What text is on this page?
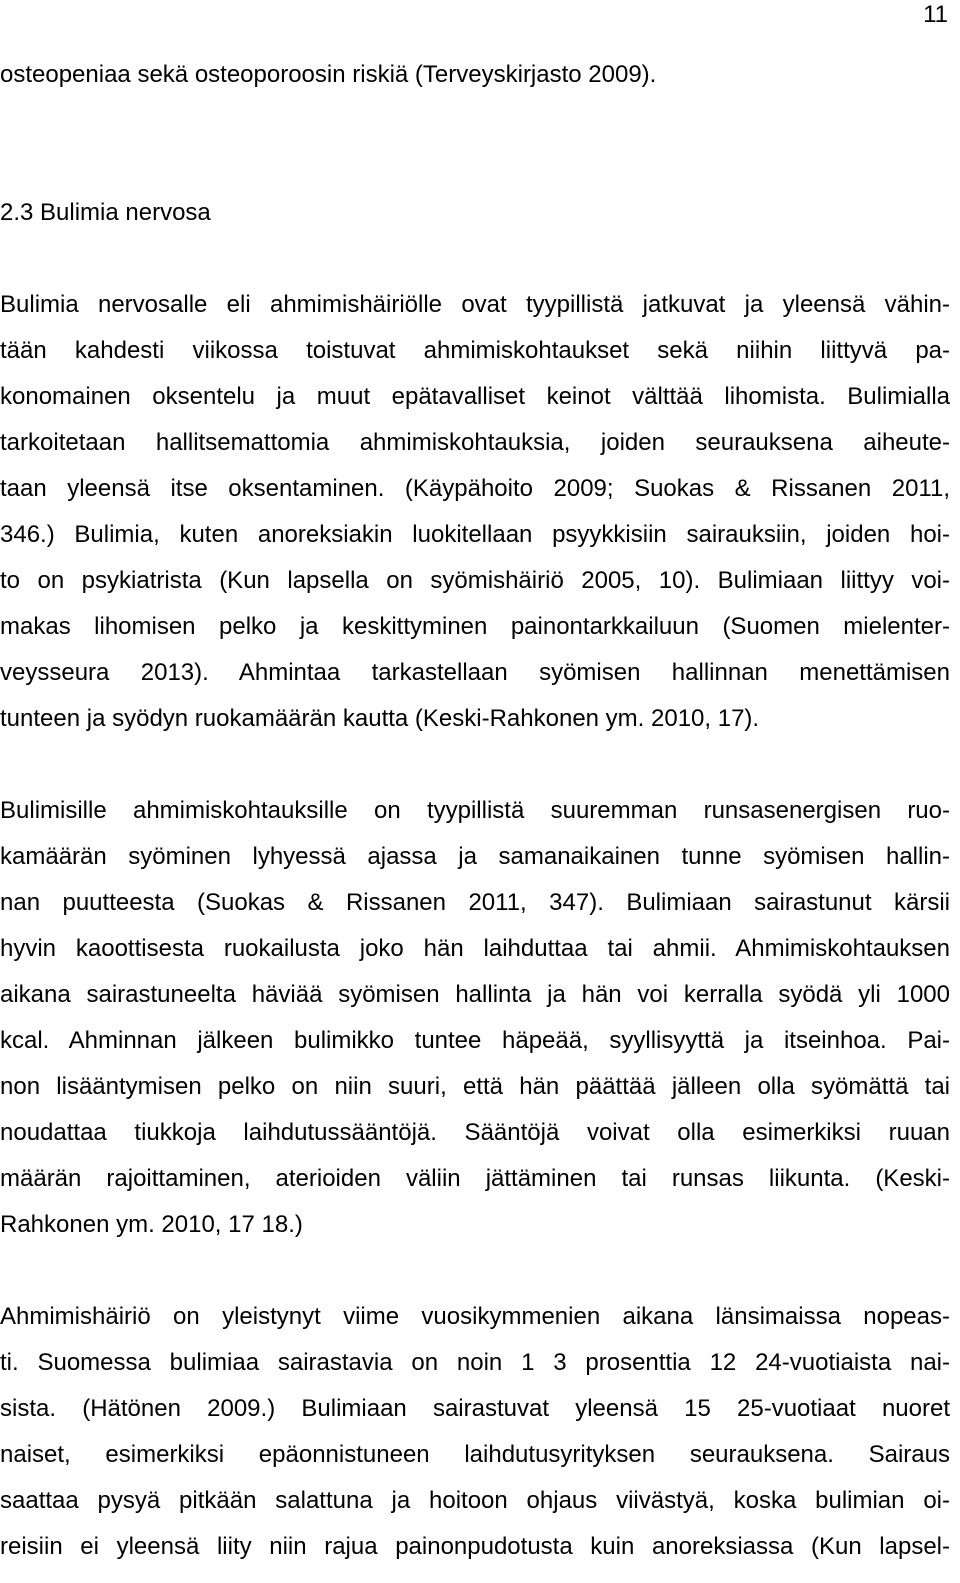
11
osteopeniaa sekä osteoporoosin riskiä (Terveyskirjasto 2009).
2.3 Bulimia nervosa
Bulimia nervosalle eli ahmimishäiriölle ovat tyypillistä jatkuvat ja yleensä vähin-
tään kahdesti viikossa toistuvat ahmimiskohtaukset sekä niihin liittyvä pa-
konomainen oksentelu ja muut epätavalliset keinot välttää lihomista. Bulimialla
tarkoitetaan hallitsemattomia ahmimiskohtauksia, joiden seurauksena aiheute-
taan yleensä itse oksentaminen. (Käypähoito 2009; Suokas & Rissanen 2011,
346.) Bulimia, kuten anoreksiakin luokitellaan psyykkisiin sairauksiin, joiden hoi-
to on psykiatrista (Kun lapsella on syömishäiriö 2005, 10). Bulimiaan liittyy voi-
makas lihomisen pelko ja keskittyminen painontarkkailuun (Suomen mielenter-
veysseura 2013). Ahmintaa tarkastellaan syömisen hallinnan menettämisen
tunteen ja syödyn ruokamäärän kautta (Keski-Rahkonen ym. 2010, 17).
Bulimisille ahmimiskohtauksille on tyypillistä suuremman runsasenergisen ruo-
kamäärän syöminen lyhyessä ajassa ja samanaikainen tunne syömisen hallin-
nan puutteesta (Suokas & Rissanen 2011, 347). Bulimiaan sairastunut kärsii
hyvin kaoottisesta ruokailusta joko hän laihduttaa tai ahmii. Ahmimiskohtauksen
aikana sairastuneelta häviää syömisen hallinta ja hän voi kerralla syödä yli 1000
kcal. Ahminnan jälkeen bulimikko tuntee häpeää, syyllisyyttä ja itseinhoa. Pai-
non lisääntymisen pelko on niin suuri, että hän päättää jälleen olla syömättä tai
noudattaa tiukkoja laihdutussääntöjä. Sääntöjä voivat olla esimerkiksi ruuan
määrän rajoittaminen, aterioiden väliin jättäminen tai runsas liikunta. (Keski-
Rahkonen ym. 2010, 17 18.)
Ahmimishäiriö on yleistynyt viime vuosikymmenien aikana länsimaissa nopeas-
ti. Suomessa bulimiaa sairastavia on noin 1 3 prosenttia 12 24-vuotiaista nai-
sista. (Hätönen 2009.) Bulimiaan sairastuvat yleensä 15 25-vuotiaat nuoret
naiset, esimerkiksi epäonnistuneen laihdutusyrityksen seurauksena. Sairaus
saattaa pysyä pitkään salattuna ja hoitoon ohjaus viivästyä, koska bulimian oi-
reisiin ei yleensä liity niin rajua painonpudotusta kuin anoreksiassa (Kun lapsel-
